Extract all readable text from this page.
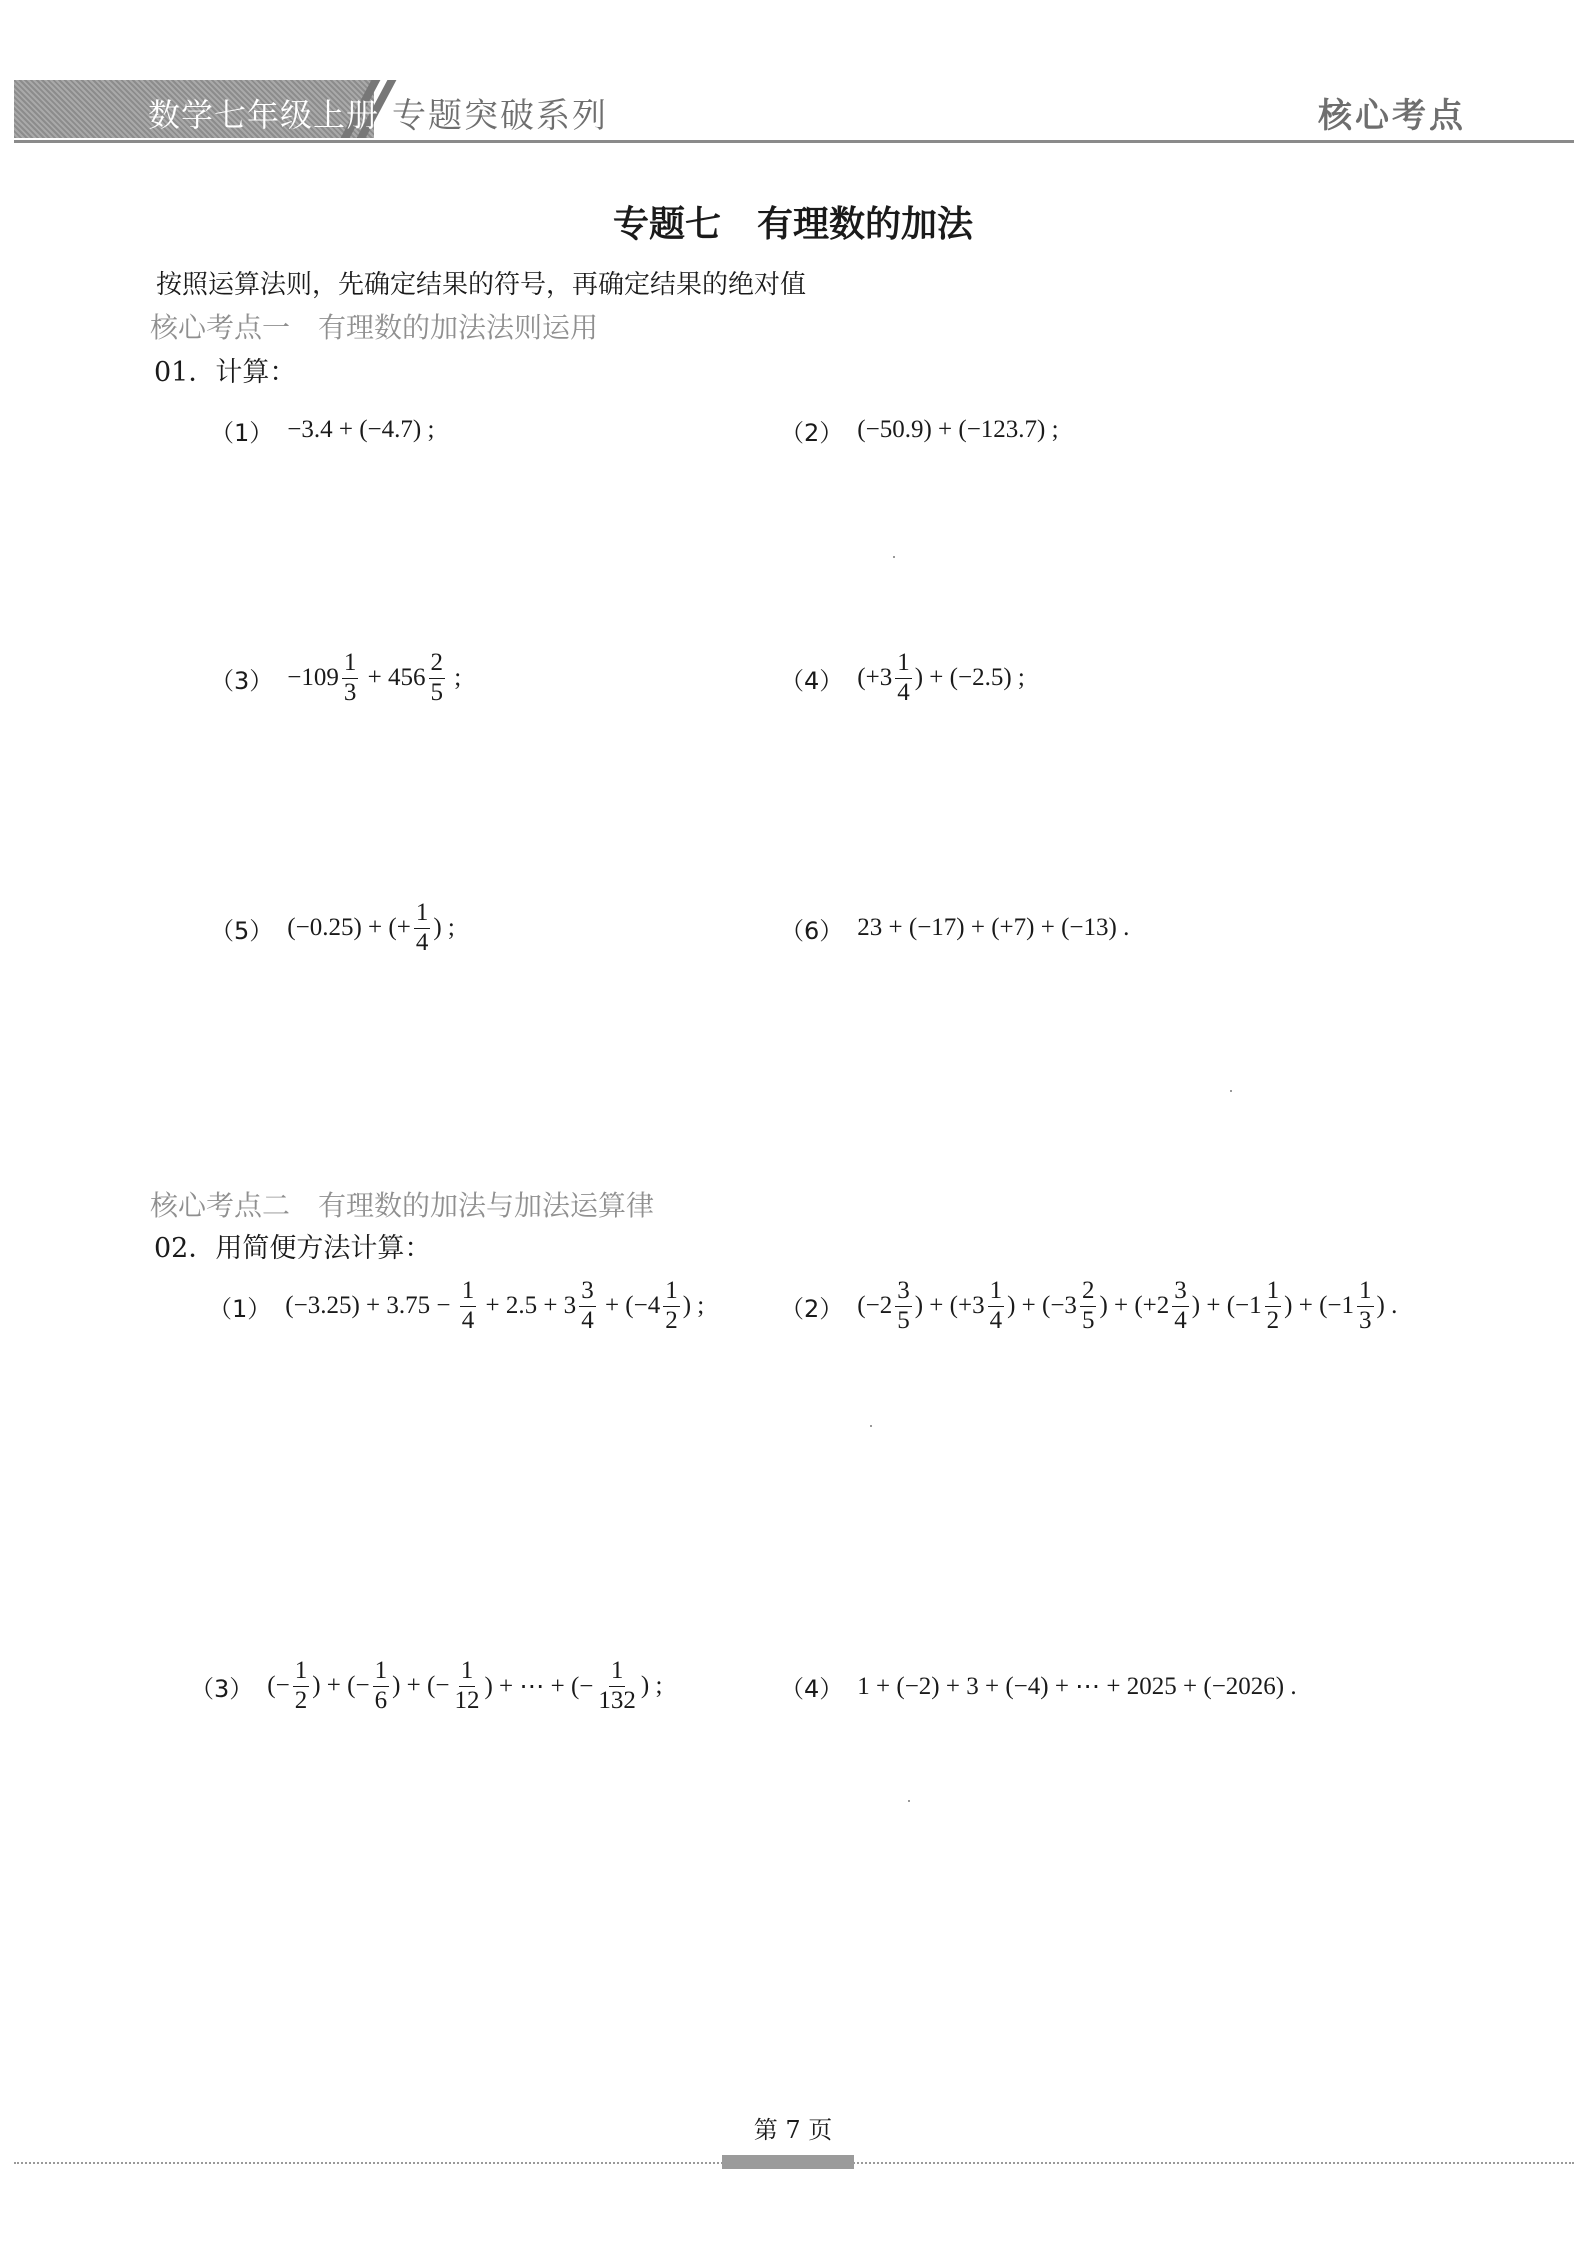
数学七年级上册 专题突破系列	核心考点
专题七　有理数的加法
按照运算法则，先确定结果的符号，再确定结果的绝对值
核心考点一　有理数的加法法则运用
01．计算：
（1） −3.4 + (−4.7) ;	（2） (−50.9) + (−123.7) ;
$(3) -109 \frac{1}{3} + 456 \frac{2}{5}$ ;	（4） ($+3 \frac{1}{4}$ ) + (−2.5) ;
（5） (−0.25) + (+ $\frac{1}{4}$ ) ;	（6） 23 + (−17) + (+7) + (−13) .
核心考点二　有理数的加法与加法运算律
02．用简便方法计算：
（1） $(-3.25) + 3.75 - \frac{1}{4} + 2.5 + 3 \frac{3}{4} + (-4 \frac{1}{2}$ ) ;	（2） ($-2 \frac{3}{5}$ ) + ($+3 \frac{1}{4}$ ) + ($-3 \frac{2}{5}$ ) + ($+2 \frac{3}{4}$ ) + ($-1 \frac{1}{2}$ ) + ($-1 \frac{1}{3}$ ) .
（3） (− $\frac{1}{2}$ ) + (− $\frac{1}{6}$ ) + (− $\frac{1}{12}$ ) + ⋯ + (− $\frac{1}{132}$ ) ;	（4） 1 + (−2) + 3 + (−4) + ⋯ + 2025 + (−2026) .
第 7 页
